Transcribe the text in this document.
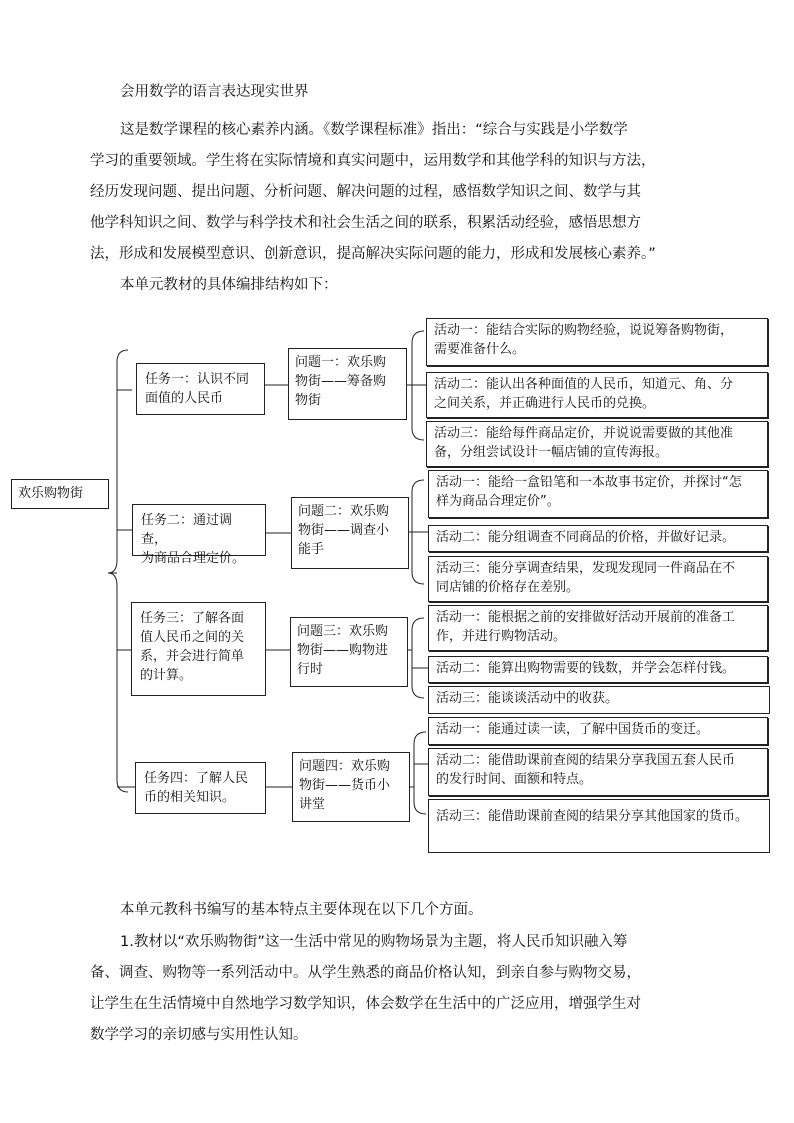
会用数学的语言表达现实世界

这是数学课程的核心素养内涵。《数学课程标准》指出：“综合与实践是小学数学
学习的重要领域。学生将在实际情境和真实问题中，运用数学和其他学科的知识与方法，
经历发现问题、提出问题、分析问题、解决问题的过程，感悟数学知识之间、数学与其
他学科知识之间、数学与科学技术和社会生活之间的联系，积累活动经验，感悟思想方
法，形成和发展模型意识、创新意识，提高解决实际问题的能力，形成和发展核心素养。”

本单元教材的具体编排结构如下：

欢乐购物街
任务一：认识不同
面值的人民币
问题一：欢乐购
物街——筹备购
物街
活动一：能结合实际的购物经验，说说筹备购物街，
需要准备什么。
活动二：能认出各种面值的人民币，知道元、角、分
之间关系，并正确进行人民币的兑换。
活动三：能给每件商品定价，并说说需要做的其他准
备，分组尝试设计一幅店铺的宣传海报。
任务二：通过调查，
为商品合理定价。
问题二：欢乐购
物街——调查小
能手
活动一：能给一盒铅笔和一本故事书定价，并探讨“怎
样为商品合理定价”。
活动二：能分组调查不同商品的价格，并做好记录。
活动三：能分享调查结果，发现发现同一件商品在不
同店铺的价格存在差别。
任务三：了解各面
值人民币之间的关
系，并会进行简单
的计算。
问题三：欢乐购
物街——购物进
行时
活动一：能根据之前的安排做好活动开展前的准备工
作，并进行购物活动。
活动二：能算出购物需要的钱数，并学会怎样付钱。
活动三：能谈谈活动中的收获。
任务四：了解人民
币的相关知识。
问题四：欢乐购
物街——货币小
讲堂
活动一：能通过读一读，了解中国货币的变迁。
活动二：能借助课前查阅的结果分享我国五套人民币
的发行时间、面额和特点。
活动三：能借助课前查阅的结果分享其他国家的货币。

本单元教科书编写的基本特点主要体现在以下几个方面。

1.教材以“欢乐购物街”这一生活中常见的购物场景为主题，将人民币知识融入筹
备、调查、购物等一系列活动中。从学生熟悉的商品价格认知，到亲自参与购物交易，
让学生在生活情境中自然地学习数学知识，体会数学在生活中的广泛应用，增强学生对
数学学习的亲切感与实用性认知。
